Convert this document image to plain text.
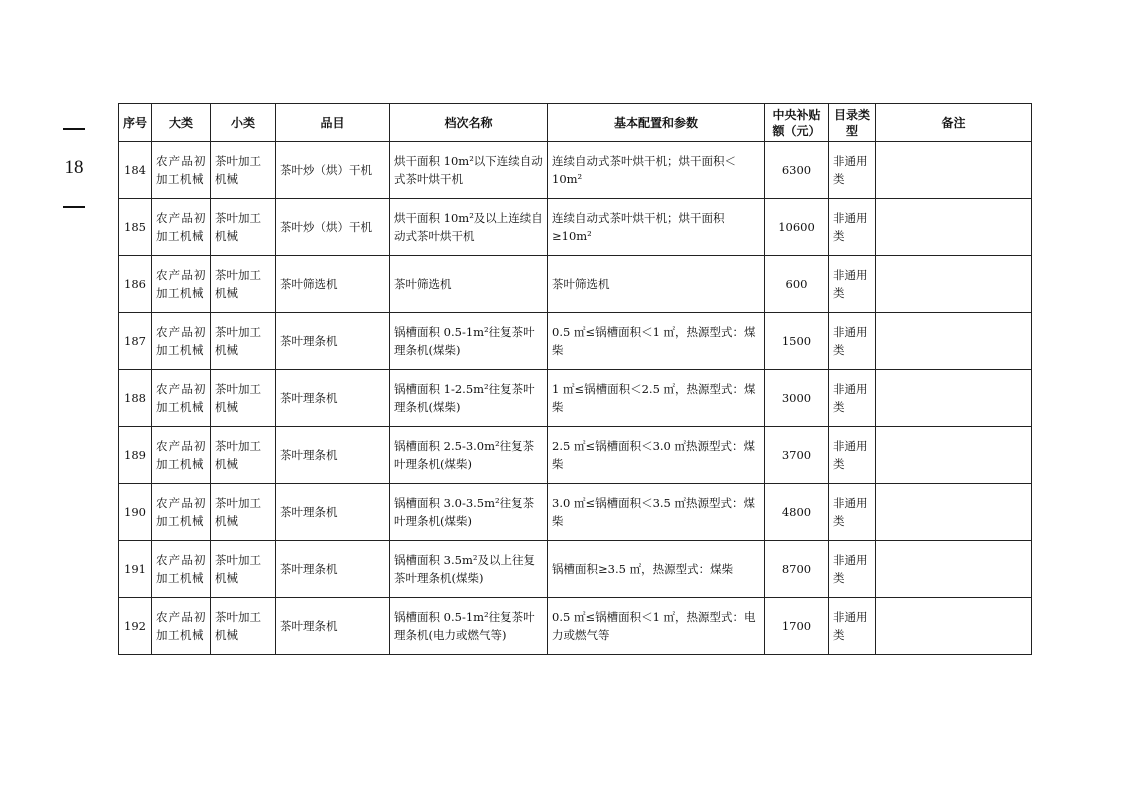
18
序号	大类	小类	品目	档次名称	基本配置和参数	中央补贴额（元）	目录类型	备注
184	农产品初加工机械	茶叶加工机械	茶叶炒（烘）干机	烘干面积 10m²以下连续自动式茶叶烘干机	连续自动式茶叶烘干机；烘干面积＜10m²	6300	非通用类	
185	农产品初加工机械	茶叶加工机械	茶叶炒（烘）干机	烘干面积 10m²及以上连续自动式茶叶烘干机	连续自动式茶叶烘干机；烘干面积≥10m²	10600	非通用类	
186	农产品初加工机械	茶叶加工机械	茶叶筛选机	茶叶筛选机	茶叶筛选机	600	非通用类	
187	农产品初加工机械	茶叶加工机械	茶叶理条机	锅槽面积 0.5-1m²往复茶叶理条机(煤柴)	0.5 ㎡≤锅槽面积＜1 ㎡，热源型式：煤柴	1500	非通用类	
188	农产品初加工机械	茶叶加工机械	茶叶理条机	锅槽面积 1-2.5m²往复茶叶理条机(煤柴)	1 ㎡≤锅槽面积＜2.5 ㎡，热源型式：煤柴	3000	非通用类	
189	农产品初加工机械	茶叶加工机械	茶叶理条机	锅槽面积 2.5-3.0m²往复茶叶理条机(煤柴)	2.5 ㎡≤锅槽面积＜3.0 ㎡热源型式：煤柴	3700	非通用类	
190	农产品初加工机械	茶叶加工机械	茶叶理条机	锅槽面积 3.0-3.5m²往复茶叶理条机(煤柴)	3.0 ㎡≤锅槽面积＜3.5 ㎡热源型式：煤柴	4800	非通用类	
191	农产品初加工机械	茶叶加工机械	茶叶理条机	锅槽面积 3.5m²及以上往复茶叶理条机(煤柴)	锅槽面积≥3.5 ㎡，热源型式：煤柴	8700	非通用类	
192	农产品初加工机械	茶叶加工机械	茶叶理条机	锅槽面积 0.5-1m²往复茶叶理条机(电力或燃气等)	0.5 ㎡≤锅槽面积＜1 ㎡，热源型式：电力或燃气等	1700	非通用类	
